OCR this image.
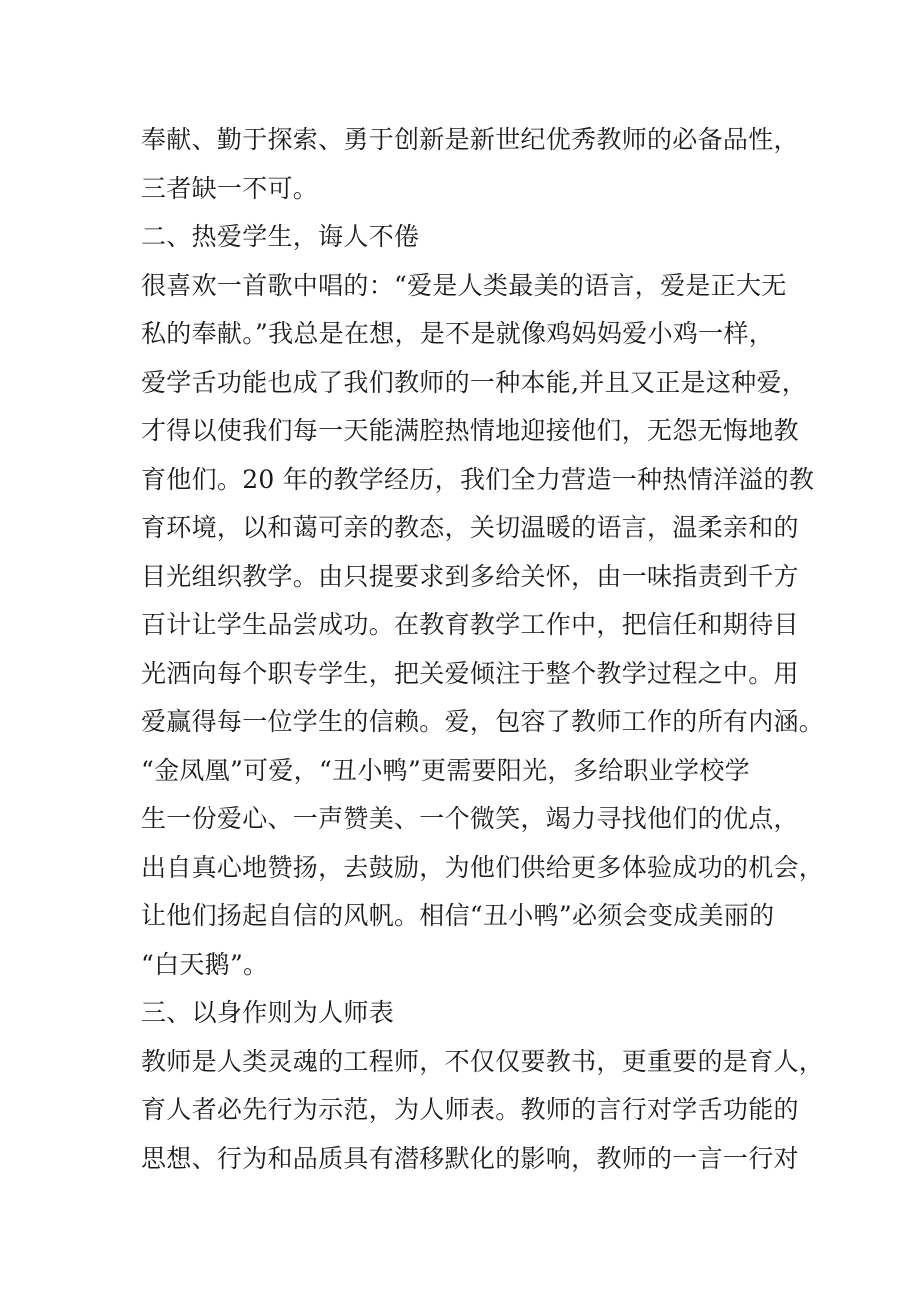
奉献、勤于探索、勇于创新是新世纪优秀教师的必备品性，
三者缺一不可。
二、热爱学生，诲人不倦
很喜欢一首歌中唱的：“爱是人类最美的语言，爱是正大无
私的奉献。”我总是在想，是不是就像鸡妈妈爱小鸡一样，
爱学舌功能也成了我们教师的一种本能,并且又正是这种爱，
才得以使我们每一天能满腔热情地迎接他们，无怨无悔地教
育他们。20 年的教学经历，我们全力营造一种热情洋溢的教
育环境，以和蔼可亲的教态，关切温暖的语言，温柔亲和的
目光组织教学。由只提要求到多给关怀，由一味指责到千方
百计让学生品尝成功。在教育教学工作中，把信任和期待目
光洒向每个职专学生，把关爱倾注于整个教学过程之中。用
爱赢得每一位学生的信赖。爱，包容了教师工作的所有内涵。
“金凤凰”可爱，“丑小鸭”更需要阳光，多给职业学校学
生一份爱心、一声赞美、一个微笑，竭力寻找他们的优点，
出自真心地赞扬，去鼓励，为他们供给更多体验成功的机会，
让他们扬起自信的风帆。相信“丑小鸭”必须会变成美丽的
“白天鹅”。
三、以身作则为人师表
教师是人类灵魂的工程师，不仅仅要教书，更重要的是育人，
育人者必先行为示范，为人师表。教师的言行对学舌功能的
思想、行为和品质具有潜移默化的影响，教师的一言一行对
